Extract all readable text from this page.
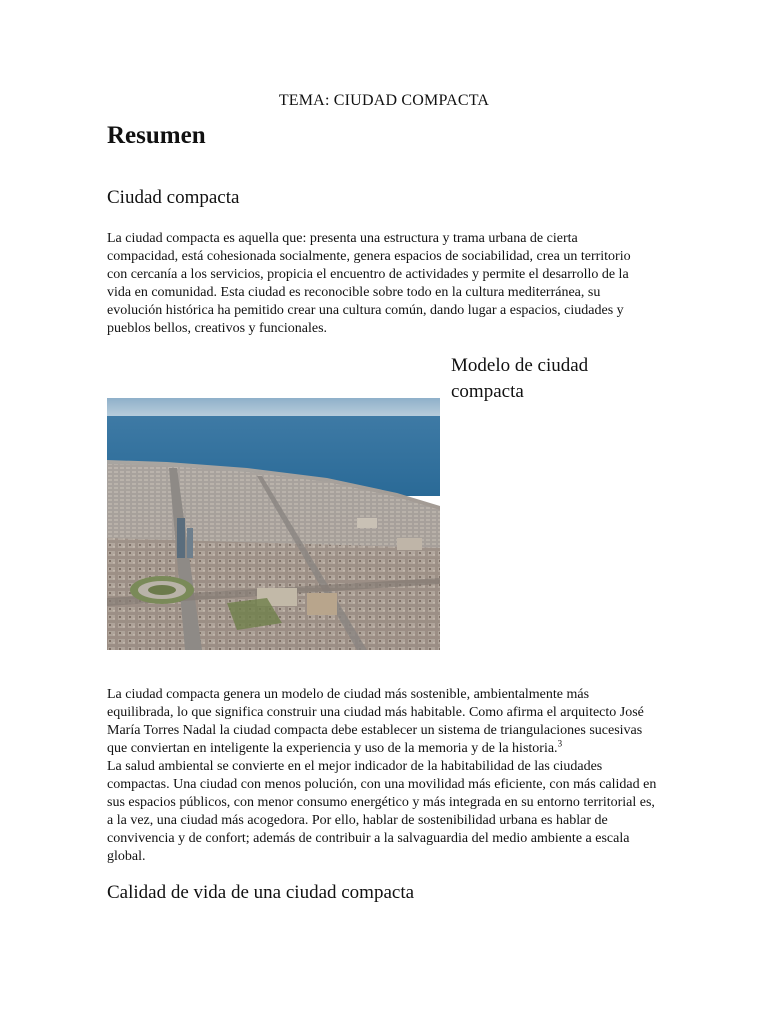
TEMA: CIUDAD COMPACTA
Resumen
Ciudad compacta

La ciudad compacta es aquella que: presenta una estructura y trama urbana de cierta compacidad, está cohesionada socialmente, genera espacios de sociabilidad, crea un territorio con cercanía a los servicios, propicia el encuentro de actividades y permite el desarrollo de la vida en comunidad. Esta ciudad es reconocible sobre todo en la cultura mediterránea, su evolución histórica ha pemitido crear una cultura común, dando lugar a espacios, ciudades y pueblos bellos, creativos y funcionales.

Modelo de ciudad compacta

La ciudad compacta genera un modelo de ciudad más sostenible, ambientalmente más equilibrada, lo que significa construir una ciudad más habitable. Como afirma el arquitecto José María Torres Nadal la ciudad compacta debe establecer un sistema de triangulaciones sucesivas que conviertan en inteligente la experiencia y uso de la memoria y de la historia.$^3$
La salud ambiental se convierte en el mejor indicador de la habitabilidad de las ciudades compactas. Una ciudad con menos polución, con una movilidad más eficiente, con más calidad en sus espacios públicos, con menor consumo energético y más integrada en su entorno territorial es, a la vez, una ciudad más acogedora. Por ello, hablar de sostenibilidad urbana es hablar de convivencia y de confort; además de contribuir a la salvaguardia del medio ambiente a escala global.

Calidad de vida de una ciudad compacta
